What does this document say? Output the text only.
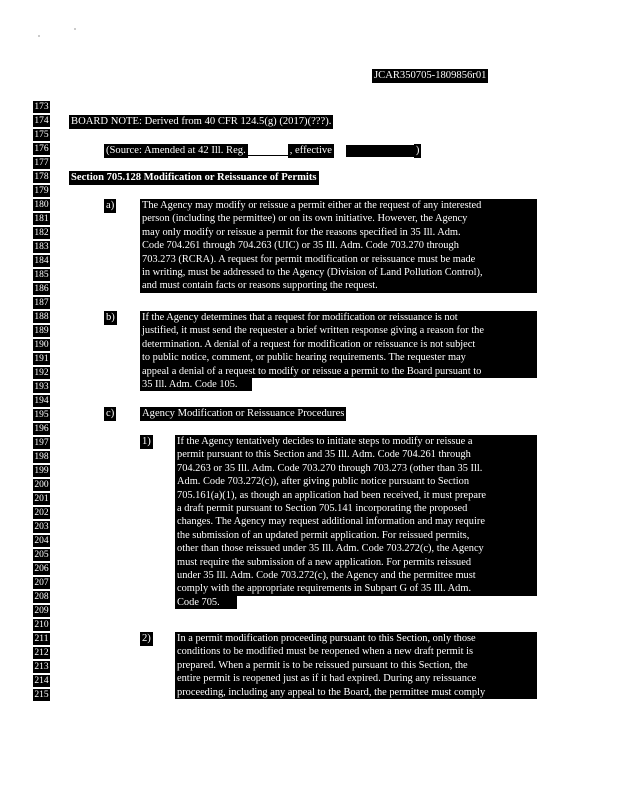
JCAR350705-1809856r01
173
174
175
176
177
178
179
180
181
182
183
184
185
186
187
188
189
190
191
192
193
194
195
196
197
198
199
200
201
202
203
204
205
206
207
208
209
210
211
212
213
214
215
BOARD NOTE: Derived from 40 CFR 124.5(g) (2017)(???).
(Source: Amended at 42 Ill. Reg.	, effective	)
Section 705.128 Modification or Reissuance of Permits
a)	The Agency may modify or reissue a permit either at the request of any interested
person (including the permittee) or on its own initiative. However, the Agency
may only modify or reissue a permit for the reasons specified in 35 Ill. Adm.
Code 704.261 through 704.263 (UIC) or 35 Ill. Adm. Code 703.270 through
703.273 (RCRA). A request for permit modification or reissuance must be made
in writing, must be addressed to the Agency (Division of Land Pollution Control),
and must contain facts or reasons supporting the request.
b)	If the Agency determines that a request for modification or reissuance is not
justified, it must send the requester a brief written response giving a reason for the
determination. A denial of a request for modification or reissuance is not subject
to public notice, comment, or public hearing requirements. The requester may
appeal a denial of a request to modify or reissue a permit to the Board pursuant to
35 Ill. Adm. Code 105.
c)	Agency Modification or Reissuance Procedures
1)	If the Agency tentatively decides to initiate steps to modify or reissue a
permit pursuant to this Section and 35 Ill. Adm. Code 704.261 through
704.263 or 35 Ill. Adm. Code 703.270 through 703.273 (other than 35 Ill.
Adm. Code 703.272(c)), after giving public notice pursuant to Section
705.161(a)(1), as though an application had been received, it must prepare
a draft permit pursuant to Section 705.141 incorporating the proposed
changes. The Agency may request additional information and may require
the submission of an updated permit application. For reissued permits,
other than those reissued under 35 Ill. Adm. Code 703.272(c), the Agency
must require the submission of a new application. For permits reissued
under 35 Ill. Adm. Code 703.272(c), the Agency and the permittee must
comply with the appropriate requirements in Subpart G of 35 Ill. Adm.
Code 705.
2)	In a permit modification proceeding pursuant to this Section, only those
conditions to be modified must be reopened when a new draft permit is
prepared. When a permit is to be reissued pursuant to this Section, the
entire permit is reopened just as if it had expired. During any reissuance
proceeding, including any appeal to the Board, the permittee must comply
